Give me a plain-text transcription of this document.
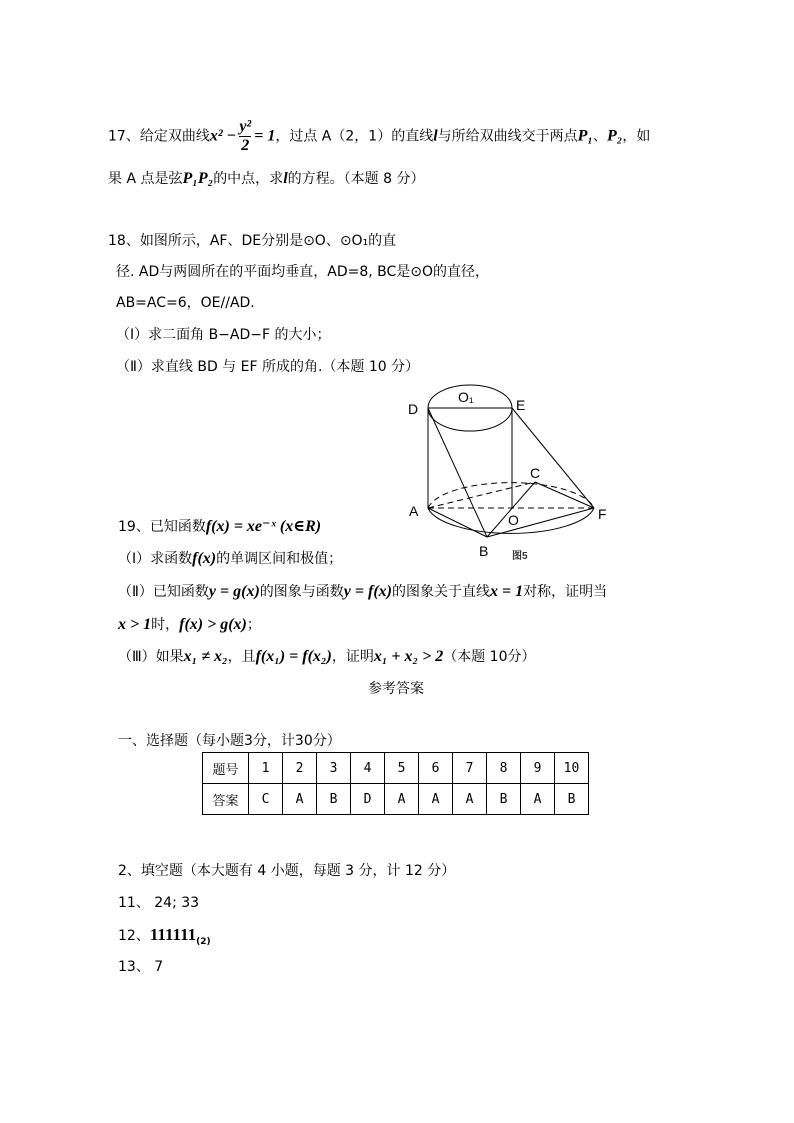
17、给定双曲线$x^2 - \frac{\text{y²}}{2} = 1$，过点 A（2，1）的直线l与所给双曲线交于两点P₁、P₂，如
果 A 点是弦P₁P₂的中点，求l的方程。（本题 8 分）
18、如图所示，AF、DE分别是⊙O、⊙O₁的直
径. AD与两圆所在的平面均垂直，AD=8, BC是⊙O的直径，
AB=AC=6，OE//AD.
（Ⅰ）求二面角 B−AD−F 的大小；
（Ⅱ）求直线 BD 与 EF 所成的角.（本题 10 分）
D	E
O₁
A
O	F
B
C
图5
19、已知函数f(x) = xe⁻ˣ (x∈R)
（Ⅰ）求函数f(x)的单调区间和极值；
（Ⅱ）已知函数y = g(x)的图象与函数y = f(x)的图象关于直线x = 1对称，证明当
x > 1时，f(x) > g(x)；
（Ⅲ）如果x₁ ≠ x₂，且f(x₁) = f(x₂)，证明x₁ + x₂ > 2（本题 10分）
参考答案
一、选择题（每小题3分，计30分）
题号	1	2	3	4	5	6	7	8	9	10
答案	C	A	B	D	A	A	A	B	A	B
2、填空题（本大题有 4 小题，每题 3 分，计 12 分）
11、 24; 33
12、$111111_{(2)}$
13、 7
